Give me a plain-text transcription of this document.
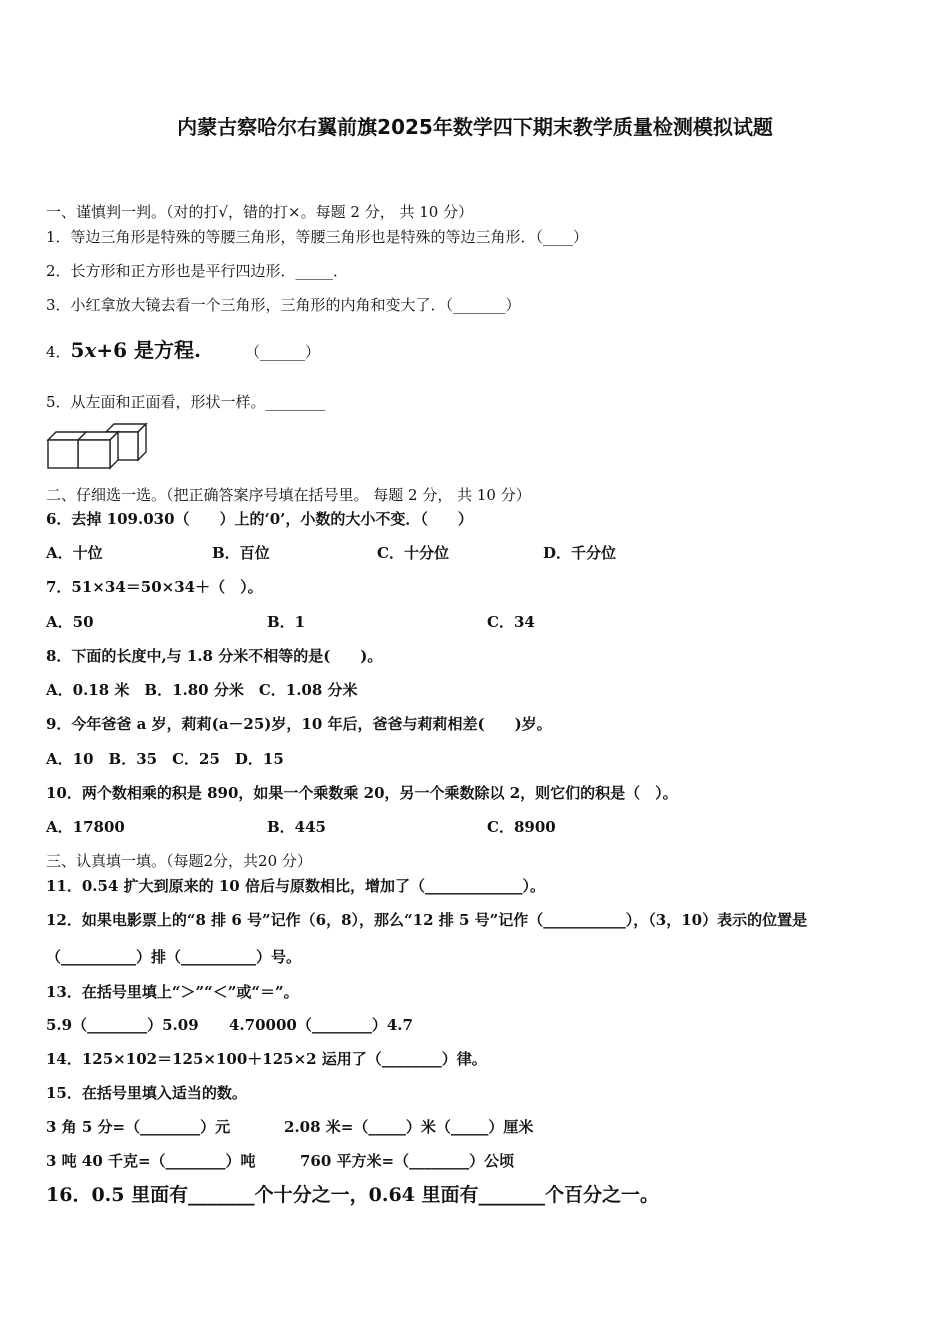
内蒙古察哈尔右翼前旗2025年数学四下期末教学质量检测模拟试题
一、谨慎判一判。（对的打√，错的打×。每题 2 分， 共 10 分）
1．等边三角形是特殊的等腰三角形，等腰三角形也是特殊的等边三角形．（____）
2．长方形和正方形也是平行四边形．_____．
3．小红拿放大镜去看一个三角形，三角形的内角和变大了．（_______）
4．5x+6 是方程.	（______）
5．从左面和正面看，形状一样。________
二、仔细选一选。（把正确答案序号填在括号里。 每题 2 分， 共 10 分）
6．去掉 109.030（　　）上的‘0’，小数的大小不变．（　　）
A．十位	B．百位	C．十分位	D．千分位
7．51×34＝50×34＋（　）。
A．50	B．1	C．34
8．下面的长度中,与 1.8 分米不相等的是(　　)。
A．0.18 米　B．1.80 分米　C．1.08 分米
9．今年爸爸 a 岁，莉莉(a－25)岁，10 年后，爸爸与莉莉相差(　　)岁。
A．10　B．35　C．25　D．15
10．两个数相乘的积是 890，如果一个乘数乘 20，另一个乘数除以 2，则它们的积是（　）。
A．17800	B．445	C．8900
三、认真填一填。（每题2分，共20 分）
11．0.54 扩大到原来的 10 倍后与原数相比，增加了（_____________）。
12．如果电影票上的“8 排 6 号”记作（6，8），那么“12 排 5 号”记作（___________），（3，10）表示的位置是
（__________）排（__________）号。
13．在括号里填上“＞”“＜”或“＝”。
5.9（________）5.09 4.70000（________）4.7
14．125×102＝125×100＋125×2 运用了（________）律。
15．在括号里填入适当的数。
3 角 5 分=（________）元	2.08 米=（_____）米（_____）厘米
3 吨 40 千克=（________）吨	760 平方米=（________）公顷
16．0.5 里面有_______个十分之一，0.64 里面有_______个百分之一。
